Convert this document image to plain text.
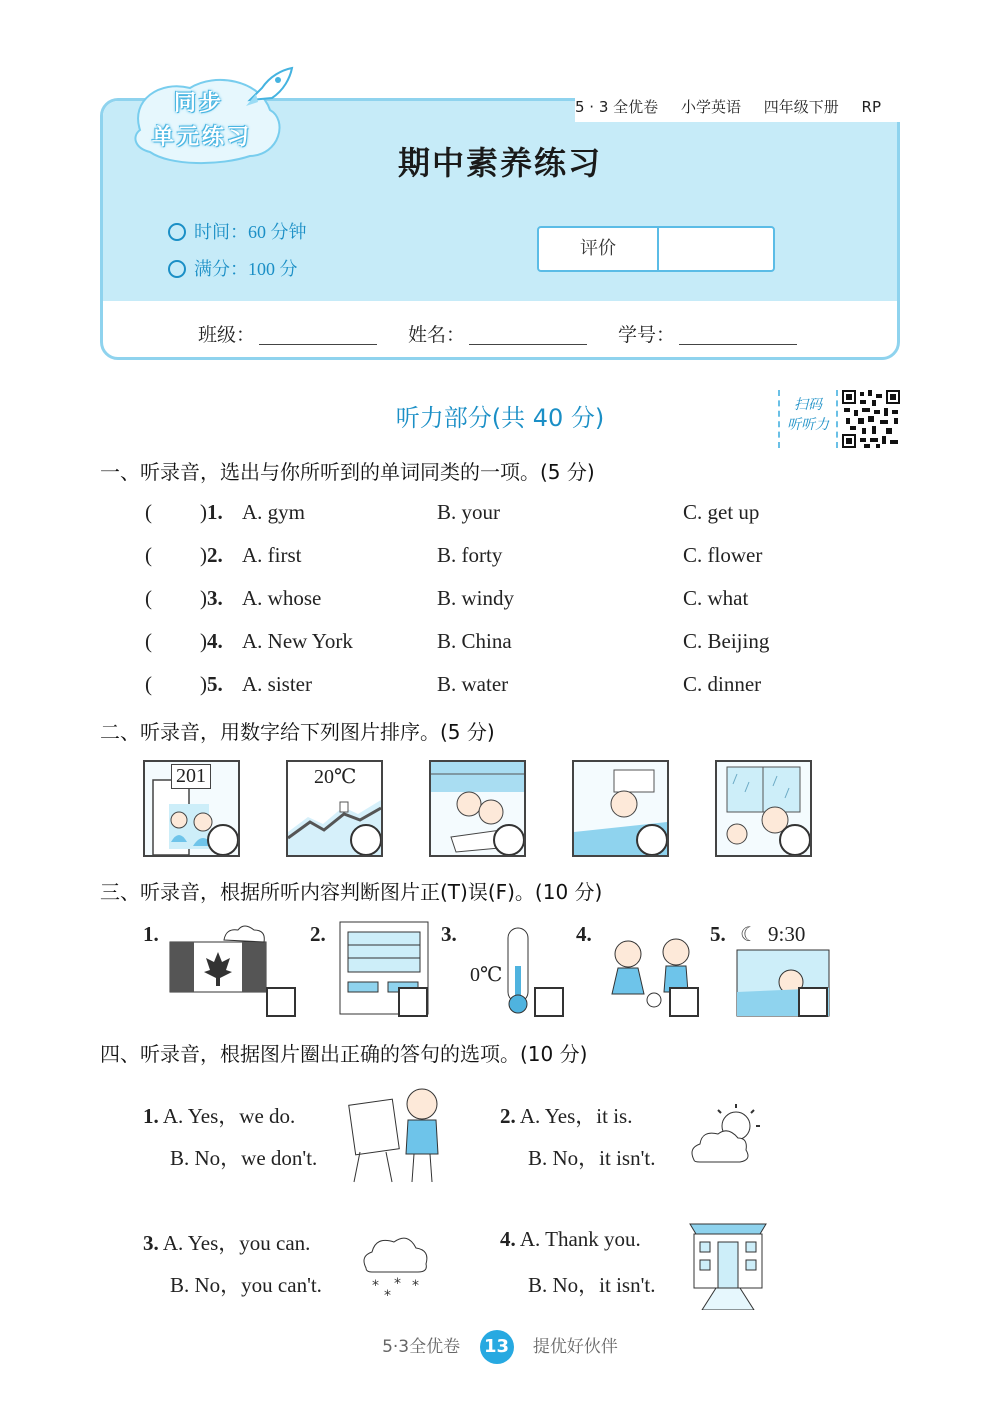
5 · 3 全优卷 小学英语 四年级下册 RP
同步
单元练习
期中素养练习
时间：60 分钟
满分：100 分
评价
班级：	姓名：	学号：
听力部分(共 40 分)	扫码
听听力
一、听录音，选出与你所听到的单词同类的一项。(5 分)
( )1. A. gym	B. your	C. get up
( )2. A. first	B. forty	C. flower
( )3. A. whose	B. windy	C. what
( )4. A. New York	B. China	C. Beijing
( )5. A. sister	B. water	C. dinner
二、听录音，用数字给下列图片排序。(5 分)
201	20℃
三、听录音，根据所听内容判断图片正(T)误(F)。(10 分)
1.	2.	3.
0℃
4.	5. ☾ 9:30
四、听录音，根据图片圈出正确的答句的选项。(10 分)
1. A. Yes，we do.
B. No，we don't.
2. A. Yes，it is.
B. No，it isn't.
3. A. Yes，you can.
B. No，you can't.	* * *
*
4. A. Thank you.
B. No，it isn't.
5·3全优卷 13 提优好伙伴
